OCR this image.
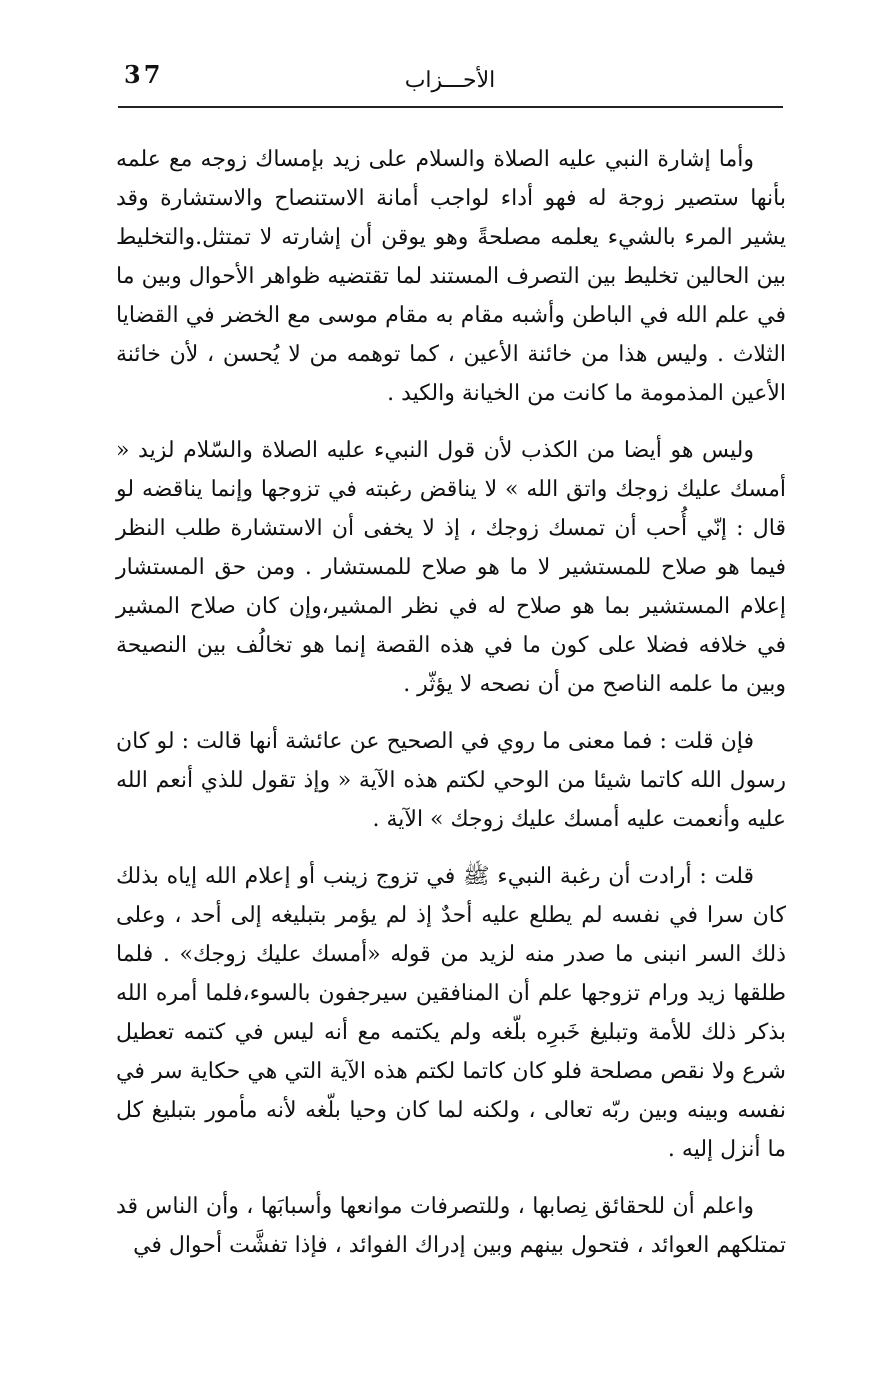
37	الأحـــزاب

وأما إشارة النبي عليه الصلاة والسلام على زيد بإمساك زوجه مع علمه بأنها ستصير زوجة له فهو أداء لواجب أمانة الاستنصاح والاستشارة وقد يشير المرء بالشيء يعلمه مصلحةً وهو يوقن أن إشارته لا تمتثل.والتخليط بين الحالين تخليط بين التصرف المستند لما تقتضيه ظواهر الأحوال وبين ما في علم الله في الباطن وأشبه مقام به مقام موسى مع الخضر في القضايا الثلاث . وليس هذا من خائنة الأعين ، كما توهمه من لا يُحسن ، لأن خائنة الأعين المذمومة ما كانت من الخيانة والكيد .

وليس هو أيضا من الكذب لأن قول النبيء عليه الصلاة والسّلام لزيد « أمسك عليك زوجك واتق الله » لا يناقض رغبته في تزوجها وإنما يناقضه لو قال : إنّي أُحب أن تمسك زوجك ، إذ لا يخفى أن الاستشارة طلب النظر فيما هو صلاح للمستشير لا ما هو صلاح للمستشار . ومن حق المستشار إعلام المستشير بما هو صلاح له في نظر المشير،وإن كان صلاح المشير في خلافه فضلا على كون ما في هذه القصة إنما هو تخالُف بين النصيحة وبين ما علمه الناصح من أن نصحه لا يؤثّر .

فإن قلت : فما معنى ما روي في الصحيح عن عائشة أنها قالت : لو كان رسول الله كاتما شيئا من الوحي لكتم هذه الآية « وإذ تقول للذي أنعم الله عليه وأنعمت عليه أمسك عليك زوجك » الآية .

قلت : أرادت أن رغبة النبيء ﷺ في تزوج زينب أو إعلام الله إياه بذلك كان سرا في نفسه لم يطلع عليه أحدٌ إذ لم يؤمر بتبليغه إلى أحد ، وعلى ذلك السر انبنى ما صدر منه لزيد من قوله «أمسك عليك زوجك» . فلما طلقها زيد ورام تزوجها علم أن المنافقين سيرجفون بالسوء،فلما أمره الله بذكر ذلك للأمة وتبليغ خَبرِه بلّغه ولم يكتمه مع أنه ليس في كتمه تعطيل شرع ولا نقص مصلحة فلو كان كاتما لكتم هذه الآية التي هي حكاية سر في نفسه وبينه وبين ربّه تعالى ، ولكنه لما كان وحيا بلّغه لأنه مأمور بتبليغ كل ما أنزل إليه .

واعلم أن للحقائق نِصابها ، وللتصرفات موانعها وأسبابَها ، وأن الناس قد تمتلكهم العوائد ، فتحول بينهم وبين إدراك الفوائد ، فإذا تفشَّت أحوال في
